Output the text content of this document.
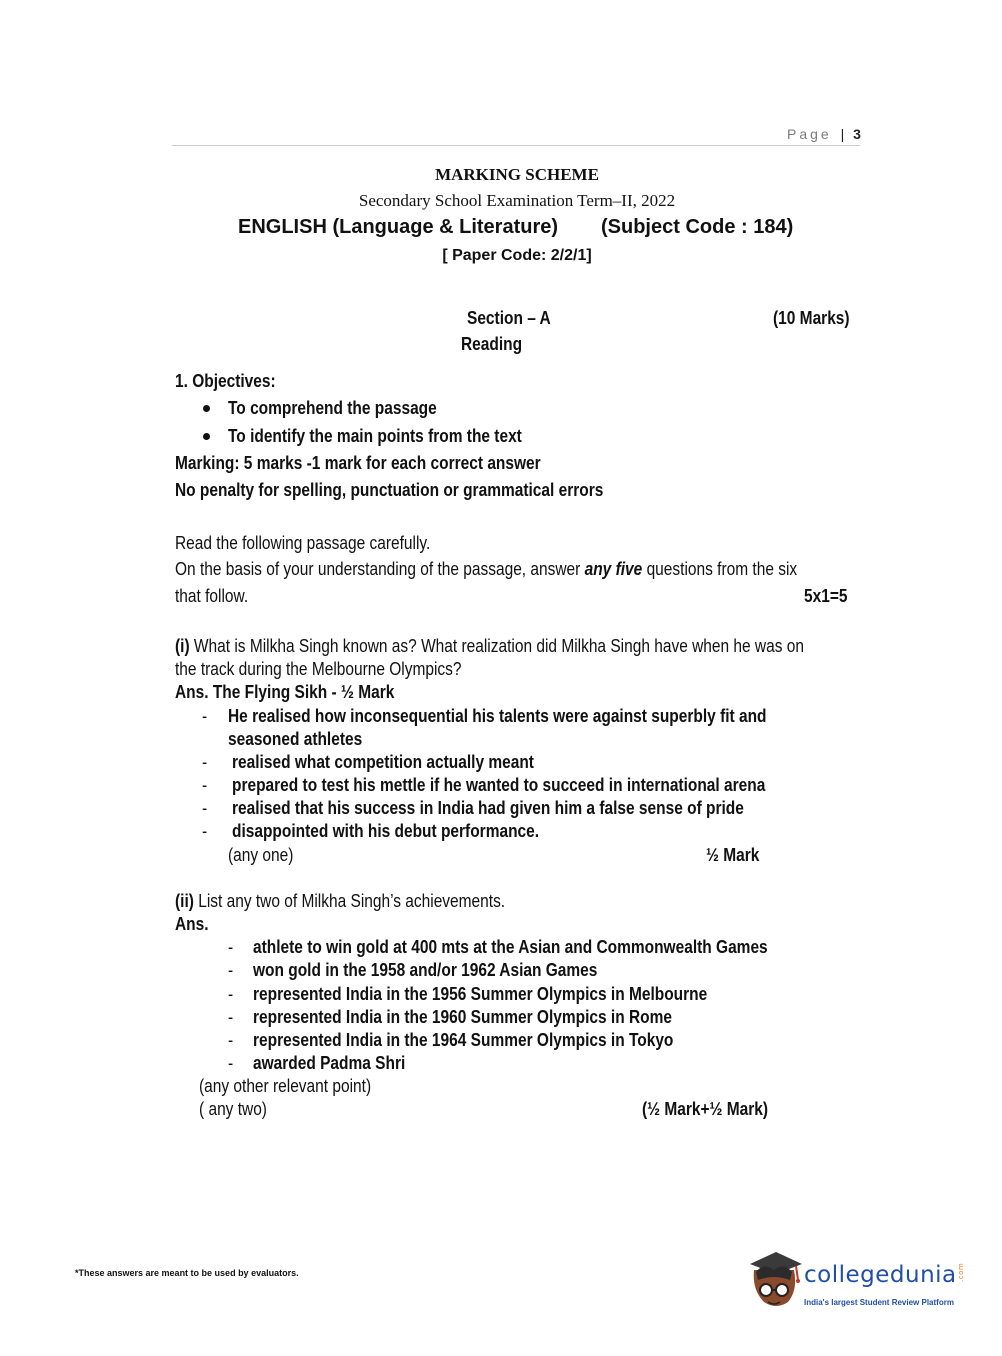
Page | 3
MARKING SCHEME
Secondary School Examination Term–II, 2022
ENGLISH (Language & Literature) (Subject Code : 184)
[ Paper Code: 2/2/1]
Section – A	(10 Marks)
Reading
1. Objectives:
To comprehend the passage
To identify the main points from the text
Marking: 5 marks -1 mark for each correct answer
No penalty for spelling, punctuation or grammatical errors
Read the following passage carefully.
On the basis of your understanding of the passage, answer any five questions from the six
that follow.	5x1=5
(i) What is Milkha Singh known as? What realization did Milkha Singh have when he was on
the track during the Melbourne Olympics?
Ans. The Flying Sikh - ½ Mark
- He realised how inconsequential his talents were against superbly fit and
seasoned athletes
- realised what competition actually meant
- prepared to test his mettle if he wanted to succeed in international arena
- realised that his success in India had given him a false sense of pride
- disappointed with his debut performance.
(any one)	½ Mark
(ii) List any two of Milkha Singh’s achievements.
Ans.
- athlete to win gold at 400 mts at the Asian and Commonwealth Games
- won gold in the 1958 and/or 1962 Asian Games
- represented India in the 1956 Summer Olympics in Melbourne
- represented India in the 1960 Summer Olympics in Rome
- represented India in the 1964 Summer Olympics in Tokyo
- awarded Padma Shri
(any other relevant point)
( any two)	(½ Mark+½ Mark)
*These answers are meant to be used by evaluators.	collegedunia.com
India's largest Student Review Platform
